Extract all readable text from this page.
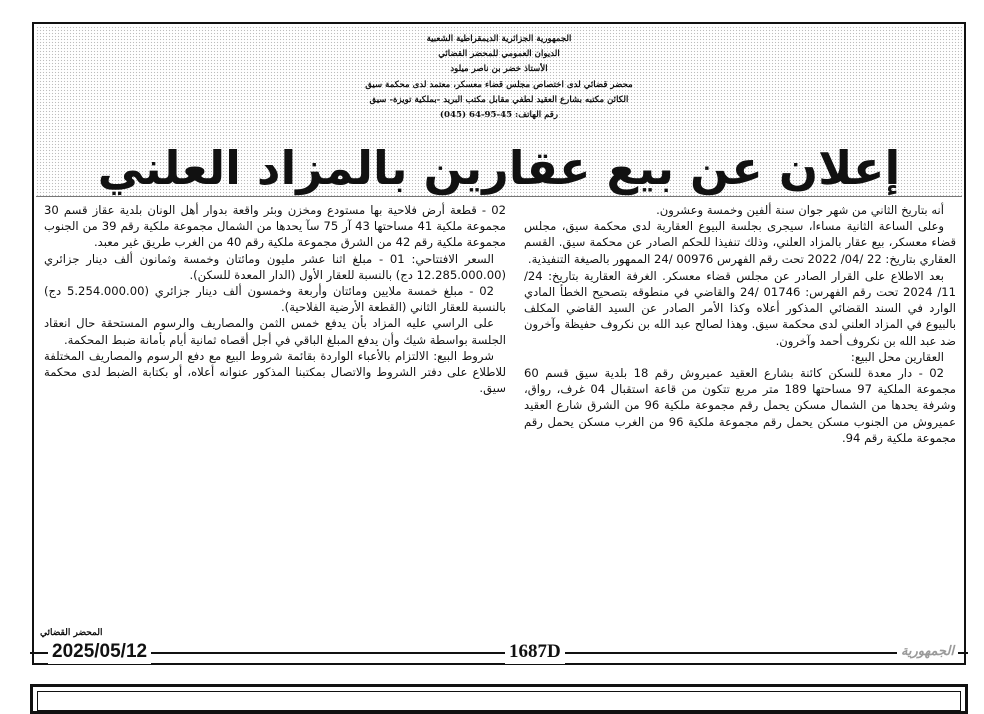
الجمهورية الجزائرية الديمقراطية الشعبية
الديوان العمومي للمحضر القضائي
الأستاذ خضر بن ناصر ميلود
محضر قضائي لدى اختصاص مجلس قضاء معسكر، معتمد لدى محكمة سيق
الكائن مكتبه بشارع العقيد لطفي مقابل مكتب البريد -بملكية تويزة- سيق
رقم الهاتف: 45-95-64 (045)
إعلان عن بيع عقارين بالمزاد العلني

أنه بتاريخ الثاني من شهر جوان سنة ألفين وخمسة وعشرون.

وعلى الساعة الثانية مساءا، سيجرى بجلسة البيوع العقارية لدى محكمة سيق، مجلس قضاء معسكر، بيع عقار بالمزاد العلني، وذلك تنفيذا للحكم الصادر عن محكمة سيق. القسم العقاري بتاريخ: 22 /04/ 2022 تحت رقم الفهرس 00976 /24 الممهور بالصيغة التنفيذية.

بعد الاطلاع على القرار الصادر عن مجلس قضاء معسكر. الغرفة العقارية بتاريخ: 24/ 11/ 2024 تحت رقم الفهرس: 01746 /24 والقاضي في منطوقه بتصحيح الخطأ المادي الوارد في السند القضائي المذكور أعلاه وكذا الأمر الصادر عن السيد القاضي المكلف بالبيوع في المزاد العلني لدى محكمة سيق. وهذا لصالح عبد الله بن نكروف حفيظة وآخرون ضد عبد الله بن نكروف أحمد وآخرون.

العقارين محل البيع:

02 - دار معدة للسكن كائنة بشارع العقيد عميروش رقم 18 بلدية سيق قسم 60 مجموعة الملكية 97 مساحتها 189 متر مربع تتكون من قاعة استقبال 04 غرف، رواق، وشرفة يحدها من الشمال مسكن يحمل رقم مجموعة ملكية 96 من الشرق شارع العقيد عميروش من الجنوب مسكن يحمل رقم مجموعة ملكية 96 من الغرب مسكن يحمل رقم مجموعة ملكية رقم 94.

02 - قطعة أرض فلاحية بها مستودع ومخزن وبئر واقعة بدوار أهل الونان بلدية عقاز قسم 30 مجموعة ملكية 41 مساحتها 43 آر 75 سآ يحدها من الشمال مجموعة ملكية رقم 39 من الجنوب مجموعة ملكية رقم 42 من الشرق مجموعة ملكية رقم 40 من الغرب طريق غير معبد.

السعر الافتتاحي: 01 - مبلغ اثنا عشر مليون ومائتان وخمسة وثمانون ألف دينار جزائري (12.285.000.00 دج) بالنسبة للعقار الأول (الدار المعدة للسكن).

02 - مبلغ خمسة ملايين ومائتان وأربعة وخمسون ألف دينار جزائري (5.254.000.00 دج) بالنسبة للعقار الثاني (القطعة الأرضية الفلاحية).

على الراسي عليه المزاد بأن يدفع خمس الثمن والمصاريف والرسوم المستحقة حال انعقاد الجلسة بواسطة شيك وأن يدفع المبلغ الباقي في أجل أقصاه ثمانية أيام بأمانة ضبط المحكمة.

شروط البيع: الالتزام بالأعباء الواردة بقائمة شروط البيع مع دفع الرسوم والمصاريف المختلفة للاطلاع على دفتر الشروط والاتصال بمكتبنا المذكور عنوانه أعلاه، أو بكتابة الضبط لدى محكمة سيق.

المحضر القضائي
2025/05/12	1687D	الجمهورية
